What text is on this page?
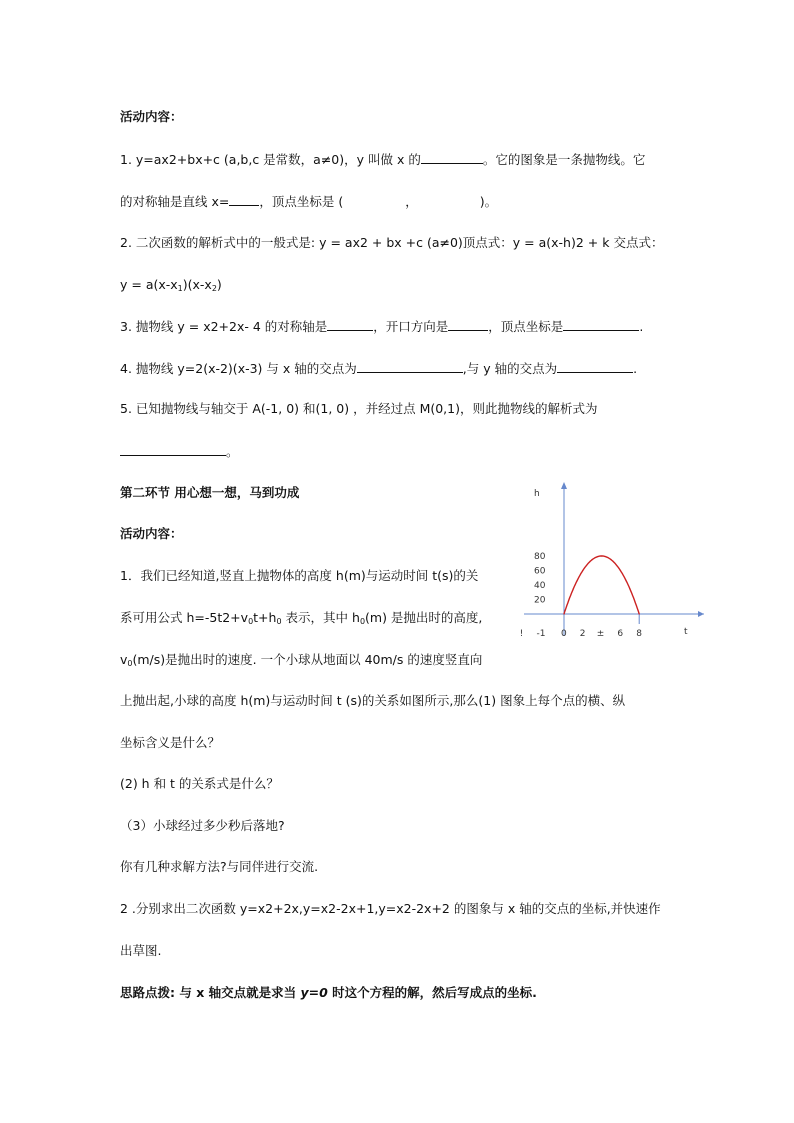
活动内容：
1. y=ax2+bx+c (a,b,c 是常数，a≠0)，y 叫做 x 的	。它的图象是一条抛物线。它
的对称轴是直线 x= ，顶点坐标是 (	，	)。
2. 二次函数的解析式中的一般式是: y = ax2 + bx +c (a≠0)顶点式：y = a(x-h)2 + k 交点式：
$y = a(x-x_1)(x-x_2)$
3. 抛物线 y = x2+2x- 4 的对称轴是	，开口方向是	，顶点坐标是	.
4. 抛物线 y=2(x-2)(x-3) 与 x 轴的交点为	,与 y 轴的交点为	.
5. 已知抛物线与轴交于 A(-1, 0) 和(1, 0) ，并经过点 M(0,1)，则此抛物线的解析式为
。
第二环节 用心想一想，马到功成
活动内容：
1．我们已经知道,竖直上抛物体的高度 h(m)与运动时间 t(s)的关
系可用公式 $h=-5t2+v_0t+h_0$ 表示，其中 $h_0(m)$ 是抛出时的高度,
$v_0(m/s)$是抛出时的速度. 一个小球从地面以 40m/s 的速度竖直向
上抛出起,小球的高度 h(m)与运动时间 t (s)的关系如图所示,那么(1) 图象上每个点的横、纵
坐标含义是什么？
(2) h 和 t 的关系式是什么？
（3）小球经过多少秒后落地?
你有几种求解方法?与同伴进行交流.
2 .分别求出二次函数 y=x2+2x,y=x2-2x+1,y=x2-2x+2 的图象与 x 轴的交点的坐标,并快速作
出草图.
思路点拨: 与 x 轴交点就是求当 y=0 时这个方程的解，然后写成点的坐标.
h
t
20
40
60
80
! -1 0 2 ± 6 8
